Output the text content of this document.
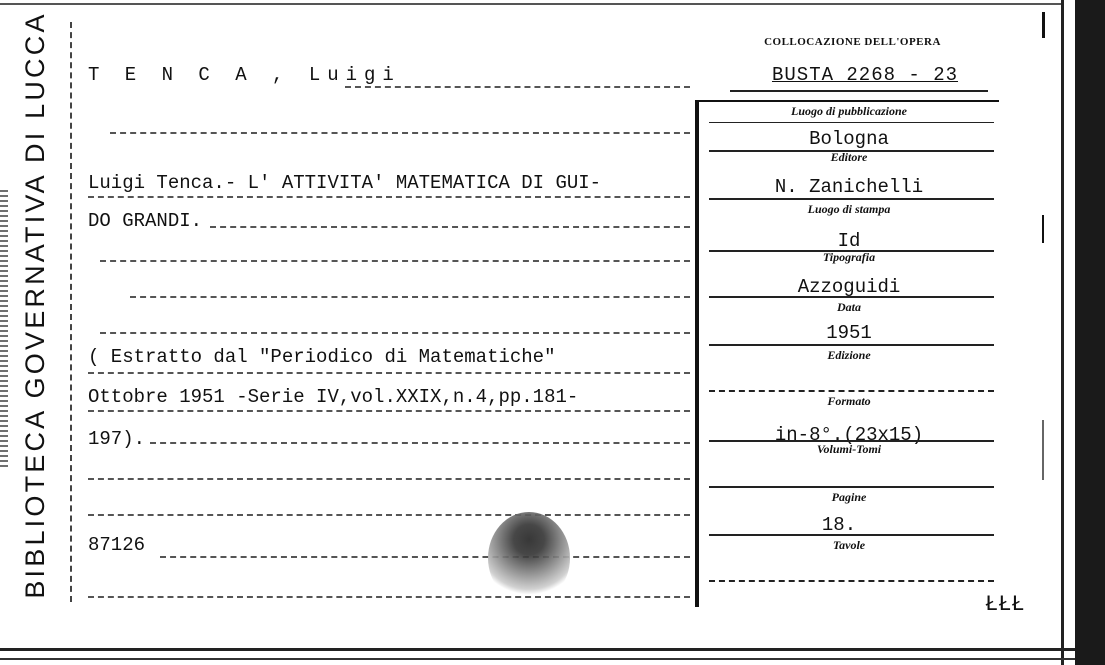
BIBLIOTECA GOVERNATIVA DI LUCCA T E N C A , Luigi
Luigi Tenca.- L' ATTIVITA' MATEMATICA DI GUI-
DO GRANDI.
( Estratto dal "Periodico di Matematiche"
Ottobre 1951 -Serie IV,vol.XXIX,n.4,pp.181-
197).
87126
COLLOCAZIONE DELL'OPERA
BUSTA 2268 - 23
Luogo di pubblicazione
Bologna
Editore
N. Zanichelli
Luogo di stampa
Id
Tipografia
Azzoguidi
Data
1951
Edizione
Formato
in-8°.(23x15)
Volumi-Tomi
Pagine
18.
Tavole
ŁŁŁ
